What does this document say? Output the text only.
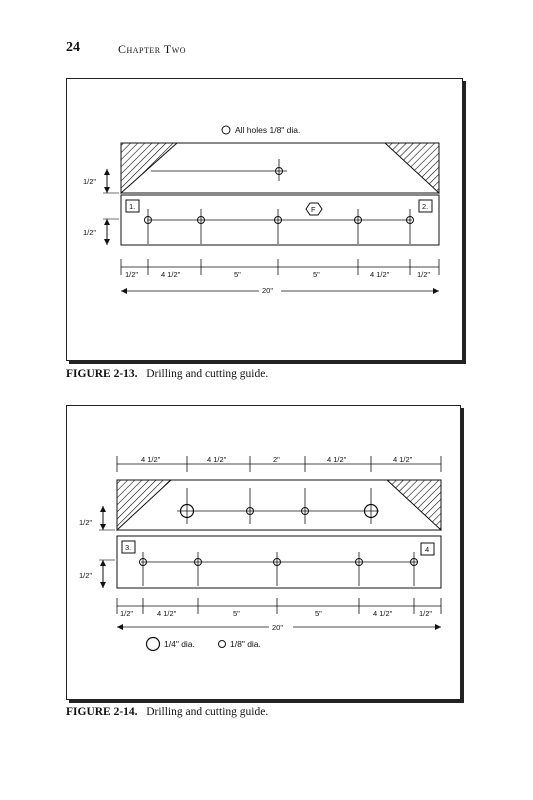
24	Chapter Two
All holes 1/8" dia.
1.	2.
F
1/2"
1/2"
1/2"	4 1/2"	5"	5"	4 1/2"	1/2"
20"
FIGURE 2-13. Drilling and cutting guide.
4 1/2"	4 1/2"	2"	4 1/2"	4 1/2"
3.	4
1/2"
1/2"
1/2"	4 1/2"	5"	5"	4 1/2"	1/2"
20"
1/4" dia.	1/8" dia.
FIGURE 2-14. Drilling and cutting guide.
